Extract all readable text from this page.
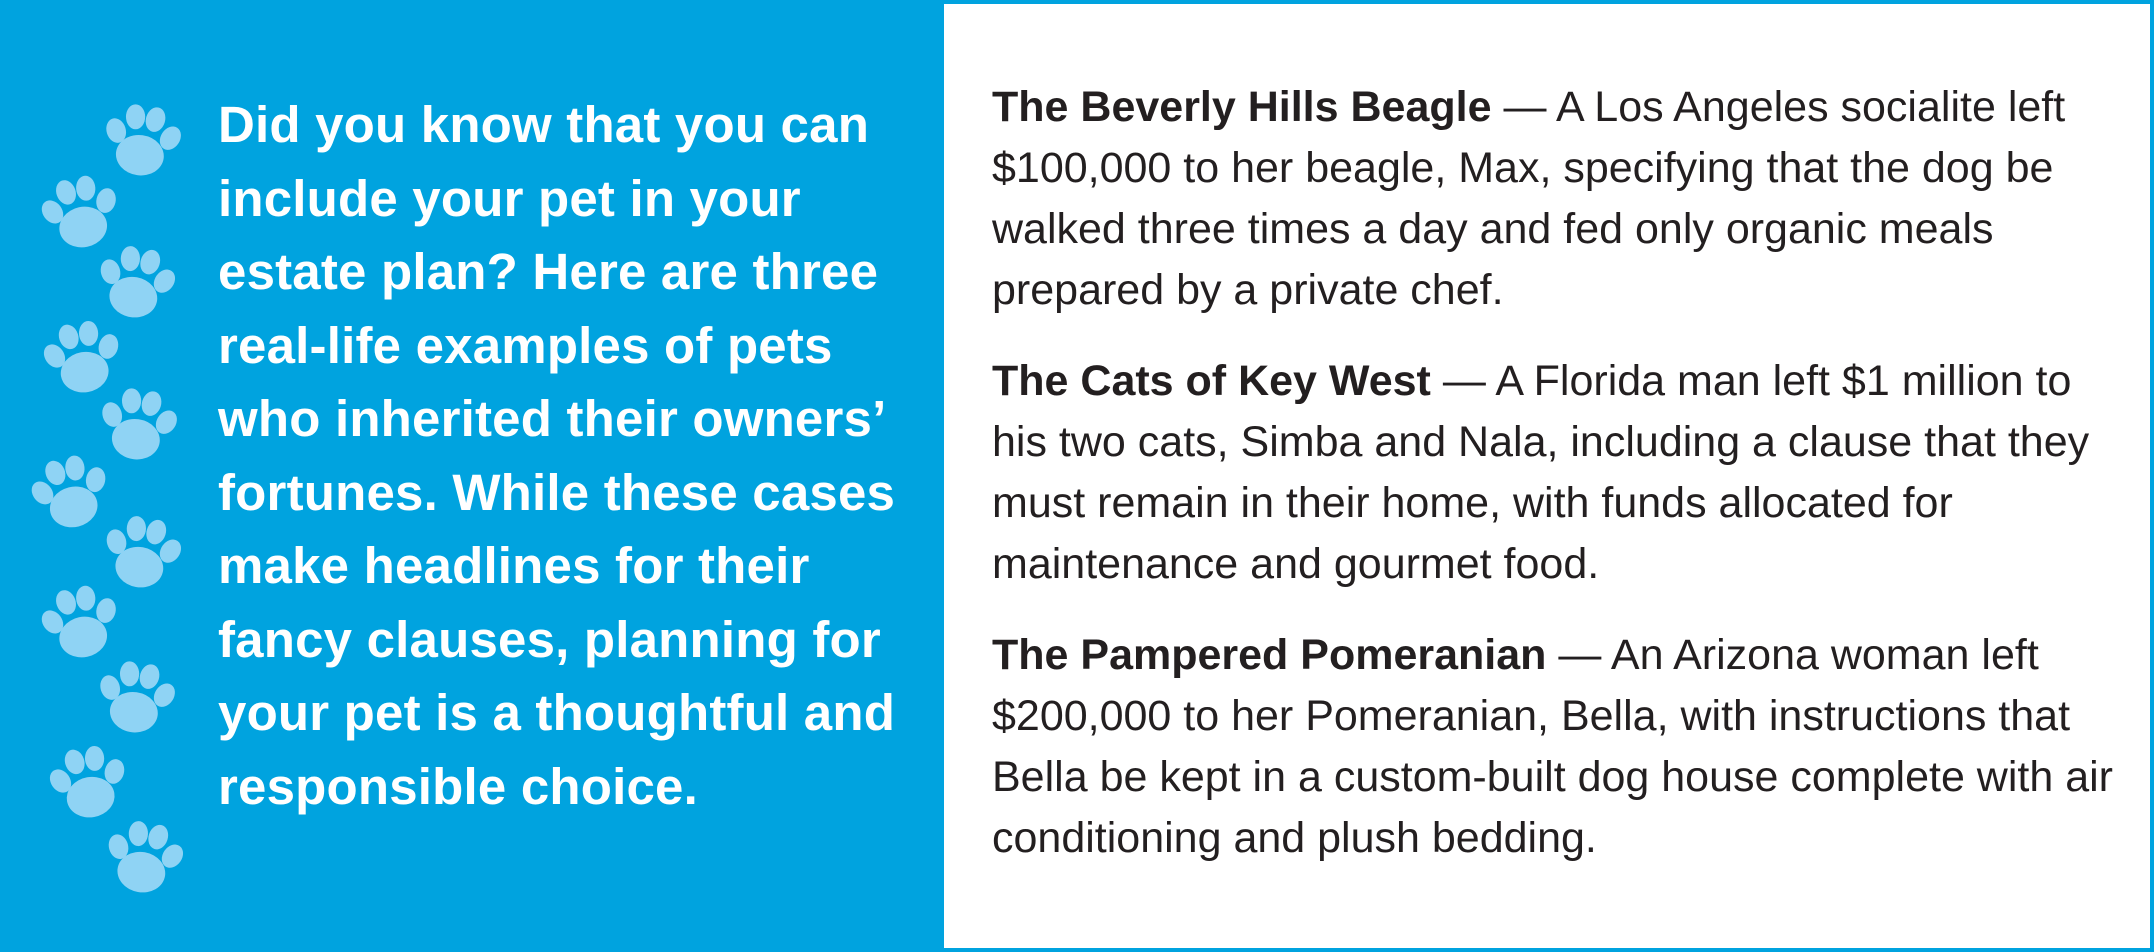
Did you know that you can include your pet in your estate plan? Here are three real-life examples of pets who inherited their owners’ fortunes. While these cases make headlines for their fancy clauses, planning for your pet is a thoughtful and responsible choice.

The Beverly Hills Beagle — A Los Angeles socialite left $100,000 to her beagle, Max, specifying that the dog be walked three times a day and fed only organic meals prepared by a private chef.

The Cats of Key West — A Florida man left $1 million to his two cats, Simba and Nala, including a clause that they must remain in their home, with funds allocated for maintenance and gourmet food.

The Pampered Pomeranian — An Arizona woman left $200,000 to her Pomeranian, Bella, with instructions that Bella be kept in a custom-built dog house complete with air conditioning and plush bedding.
